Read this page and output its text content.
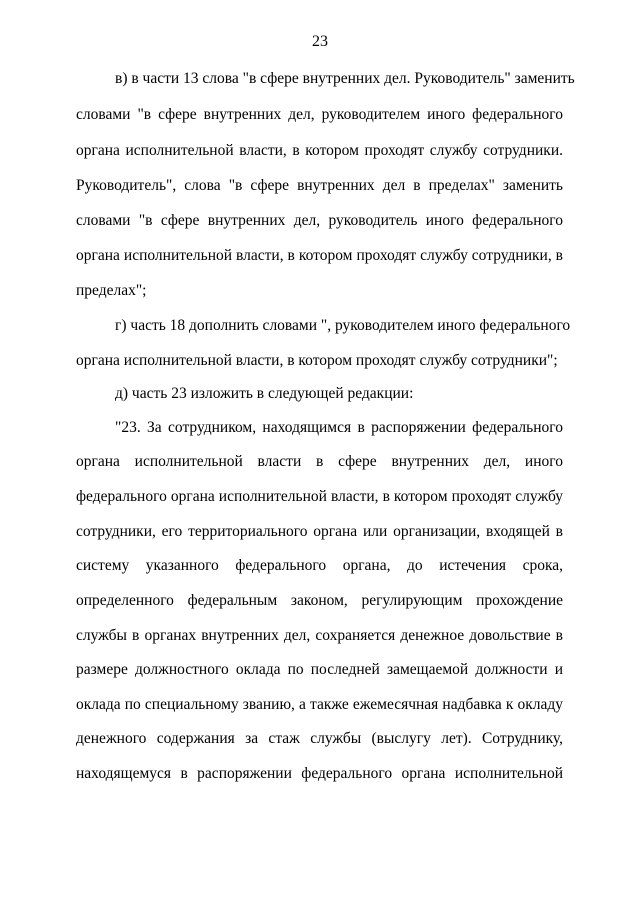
23
в) в части 13 слова "в сфере внутренних дел. Руководитель" заменить
словами "в сфере внутренних дел, руководителем иного федерального
органа исполнительной власти, в котором проходят службу сотрудники.
Руководитель", слова "в сфере внутренних дел в пределах" заменить
словами "в сфере внутренних дел, руководитель иного федерального
органа исполнительной власти, в котором проходят службу сотрудники, в
пределах";
г) часть 18 дополнить словами ", руководителем иного федерального
органа исполнительной власти, в котором проходят службу сотрудники";
д) часть 23 изложить в следующей редакции:
"23. За сотрудником, находящимся в распоряжении федерального
органа исполнительной власти в сфере внутренних дел, иного
федерального органа исполнительной власти, в котором проходят службу
сотрудники, его территориального органа или организации, входящей в
систему указанного федерального органа, до истечения срока,
определенного федеральным законом, регулирующим прохождение
службы в органах внутренних дел, сохраняется денежное довольствие в
размере должностного оклада по последней замещаемой должности и
оклада по специальному званию, а также ежемесячная надбавка к окладу
денежного содержания за стаж службы (выслугу лет). Сотруднику,
находящемуся в распоряжении федерального органа исполнительной
